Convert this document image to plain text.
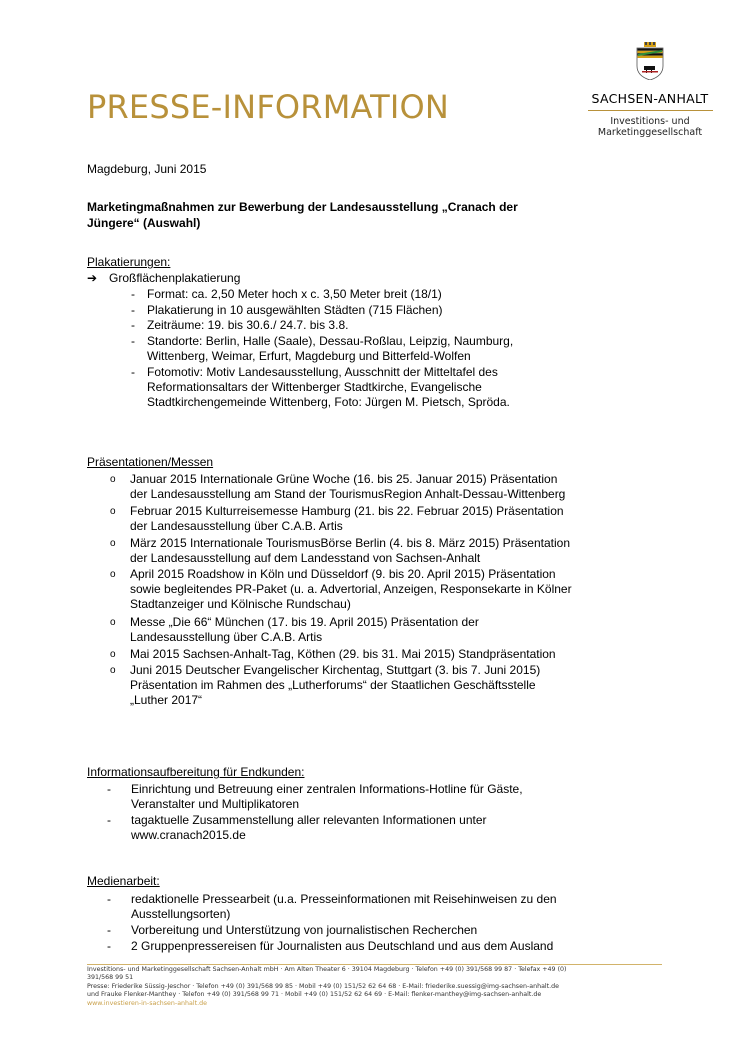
PRESSE-INFORMATION	SACHSEN-ANHALT
Investitions- und
Marketinggesellschaft
Magdeburg, Juni 2015
Marketingmaßnahmen zur Bewerbung der Landesausstellung „Cranach der
Jüngere“ (Auswahl)
Plakatierungen:
➔ Großflächenplakatierung
- Format: ca. 2,50 Meter hoch x c. 3,50 Meter breit (18/1)
- Plakatierung in 10 ausgewählten Städten (715 Flächen)
- Zeiträume: 19. bis 30.6./ 24.7. bis 3.8.
- Standorte: Berlin, Halle (Saale), Dessau-Roßlau, Leipzig, Naumburg,
Wittenberg, Weimar, Erfurt, Magdeburg und Bitterfeld-Wolfen
- Fotomotiv: Motiv Landesausstellung, Ausschnitt der Mitteltafel des
Reformationsaltars der Wittenberger Stadtkirche, Evangelische
Stadtkirchengemeinde Wittenberg, Foto: Jürgen M. Pietsch, Spröda.
Präsentationen/Messen
o Januar 2015 Internationale Grüne Woche (16. bis 25. Januar 2015) Präsentation
der Landesausstellung am Stand der TourismusRegion Anhalt-Dessau-Wittenberg
o Februar 2015 Kulturreisemesse Hamburg (21. bis 22. Februar 2015) Präsentation
der Landesausstellung über C.A.B. Artis
o März 2015 Internationale TourismusBörse Berlin (4. bis 8. März 2015) Präsentation
der Landesausstellung auf dem Landesstand von Sachsen-Anhalt
o April 2015 Roadshow in Köln und Düsseldorf (9. bis 20. April 2015) Präsentation
sowie begleitendes PR-Paket (u. a. Advertorial, Anzeigen, Responsekarte in Kölner
Stadtanzeiger und Kölnische Rundschau)
o Messe „Die 66“ München (17. bis 19. April 2015) Präsentation der
Landesausstellung über C.A.B. Artis
o Mai 2015 Sachsen-Anhalt-Tag, Köthen (29. bis 31. Mai 2015) Standpräsentation
o Juni 2015 Deutscher Evangelischer Kirchentag, Stuttgart (3. bis 7. Juni 2015)
Präsentation im Rahmen des „Lutherforums“ der Staatlichen Geschäftsstelle
„Luther 2017“
Informationsaufbereitung für Endkunden:
- Einrichtung und Betreuung einer zentralen Informations-Hotline für Gäste,
Veranstalter und Multiplikatoren
- tagaktuelle Zusammenstellung aller relevanten Informationen unter
www.cranach2015.de
Medienarbeit:
- redaktionelle Pressearbeit (u.a. Presseinformationen mit Reisehinweisen zu den
Ausstellungsorten)
- Vorbereitung und Unterstützung von journalistischen Recherchen
- 2 Gruppenpressereisen für Journalisten aus Deutschland und aus dem Ausland
Investitions- und Marketinggesellschaft Sachsen-Anhalt mbH · Am Alten Theater 6 · 39104 Magdeburg · Telefon +49 (0) 391/568 99 87 · Telefax +49 (0)
391/568 99 51
Presse: Friederike Süssig-Jeschor · Telefon +49 (0) 391/568 99 85 · Mobil +49 (0) 151/52 62 64 68 · E-Mail: friederike.suessig@img-sachsen-anhalt.de
und Frauke Flenker-Manthey · Telefon +49 (0) 391/568 99 71 · Mobil +49 (0) 151/52 62 64 69 · E-Mail: flenker-manthey@img-sachsen-anhalt.de
www.investieren-in-sachsen-anhalt.de
